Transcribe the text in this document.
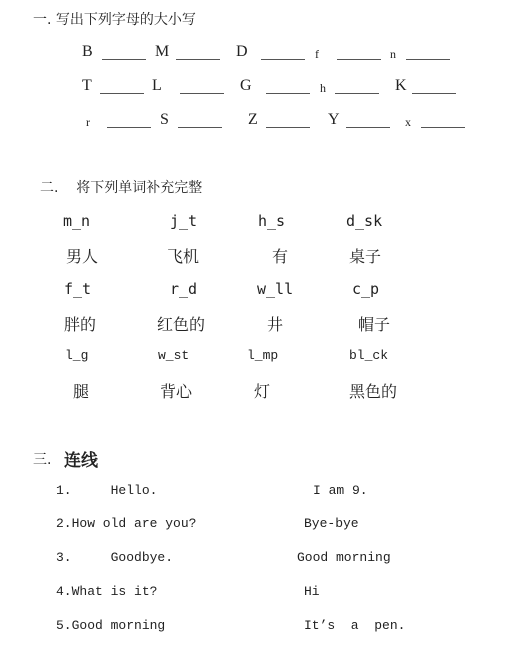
一. 写出下列字母的大小写
B	M	D	f	n
T	L	G	h	K
r	S	Z	Y	x
二.    将下列单词补充完整
m_n	j_t	h_s	d_sk
男人	飞机	有	桌子
f_t	r_d	w_ll	c_p
胖的	红色的	井	帽子
l_g	w_st	l_mp	bl_ck
腿	背心	灯	黑色的
三. 连线
1.     Hello.
2.How old are you?
3.     Goodbye.
4.What is it?
5.Good morning
I am 9.
Bye-bye
Good morning
Hi
It’s  a  pen.
